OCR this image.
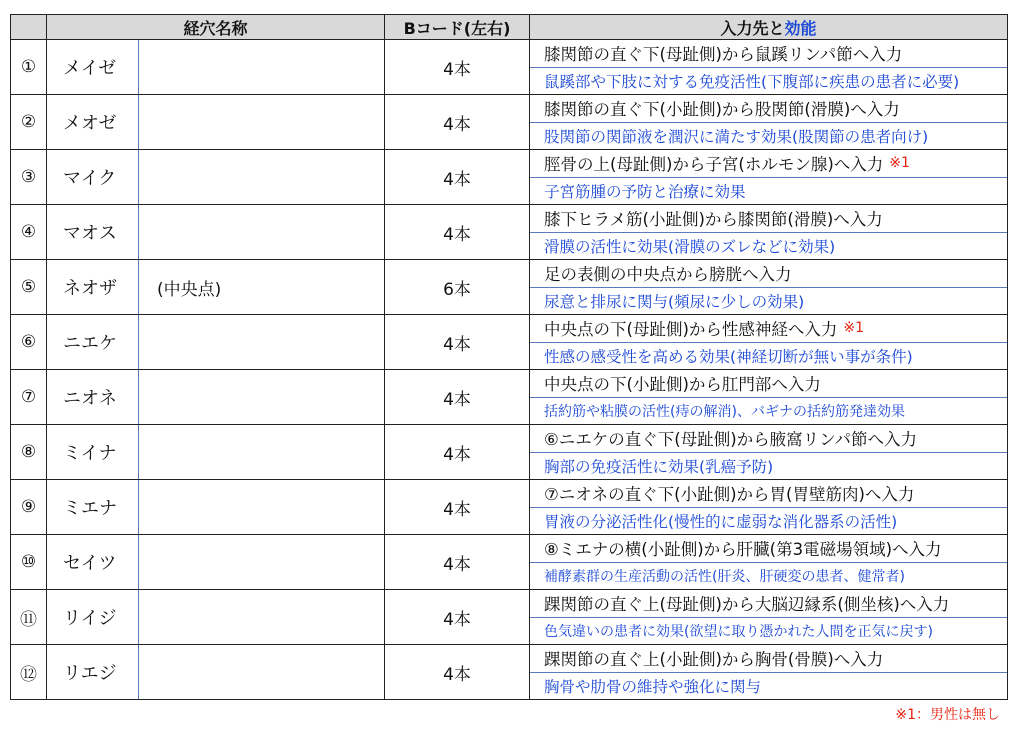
	経穴名称		Bコード(左右)	入力先と効能
①	メイゼ		4本	膝関節の直ぐ下(母趾側)から鼠蹊リンパ節へ入力
鼠蹊部や下肢に対する免疫活性(下腹部に疾患の患者に必要)

②	メオゼ		4本	膝関節の直ぐ下(小趾側)から股関節(滑膜)へ入力
股関節の関節液を潤沢に満たす効果(股関節の患者向け)

③	マイク		4本	脛骨の上(母趾側)から子宮(ホルモン腺)へ入力 ※1
子宮筋腫の予防と治療に効果

④	マオス		4本	膝下ヒラメ筋(小趾側)から膝関節(滑膜)へ入力
滑膜の活性に効果(滑膜のズレなどに効果)

⑤	ネオザ	(中央点)	6本	足の表側の中央点から膀胱へ入力
尿意と排尿に関与(頻尿に少しの効果)

⑥	ニエケ		4本	中央点の下(母趾側)から性感神経へ入力 ※1
性感の感受性を高める効果(神経切断が無い事が条件)

⑦	ニオネ		4本	中央点の下(小趾側)から肛門部へ入力
括約筋や粘膜の活性(痔の解消)、バギナの括約筋発達効果

⑧	ミイナ		4本	⑥ニエケの直ぐ下(母趾側)から腋窩リンパ節へ入力
胸部の免疫活性に効果(乳癌予防)

⑨	ミエナ		4本	⑦ニオネの直ぐ下(小趾側)から胃(胃壁筋肉)へ入力
胃液の分泌活性化(慢性的に虚弱な消化器系の活性)

⑩	セイツ		4本	⑧ミエナの横(小趾側)から肝臓(第3電磁場領域)へ入力
補酵素群の生産活動の活性(肝炎、肝硬変の患者、健常者)

⑪	リイジ		4本	踝関節の直ぐ上(母趾側)から大脳辺縁系(側坐核)へ入力
色気違いの患者に効果(欲望に取り憑かれた人間を正気に戻す)

⑫	リエジ		4本	踝関節の直ぐ上(小趾側)から胸骨(骨膜)へ入力
胸骨や肋骨の維持や強化に関与
※1：男性は無し
